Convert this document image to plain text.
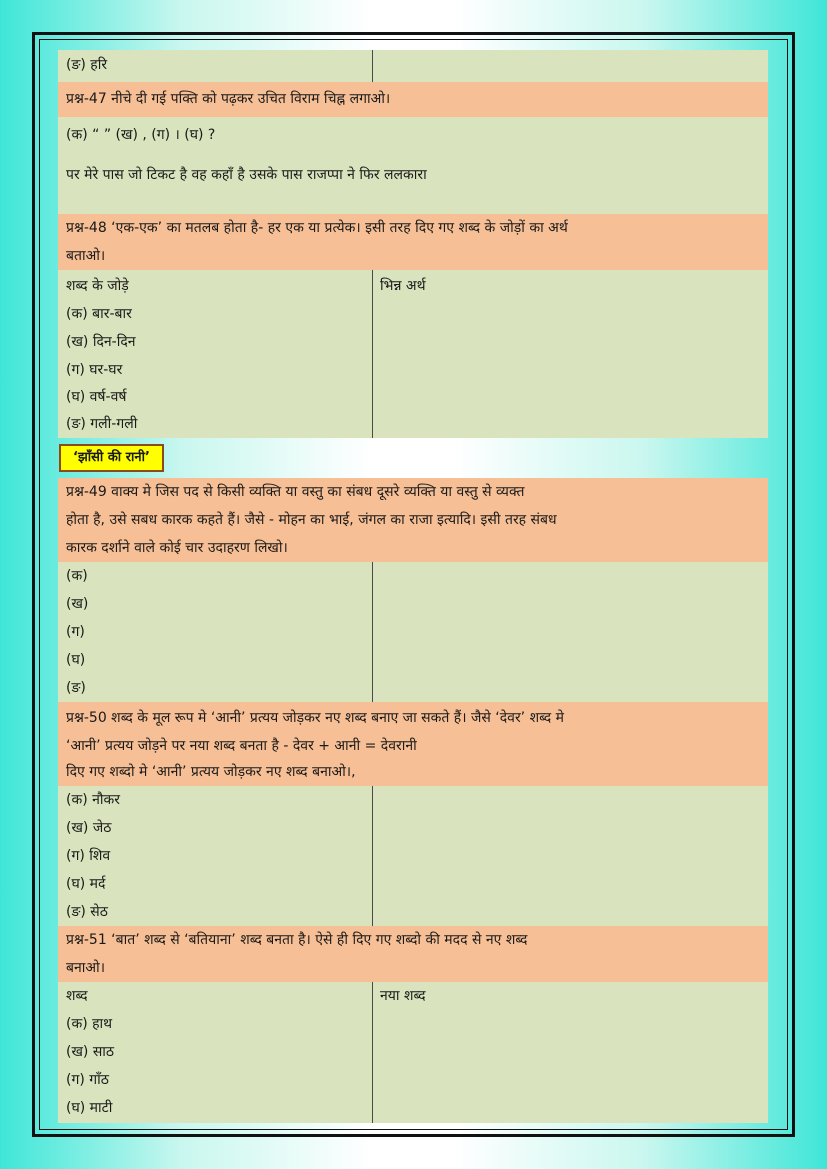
(ङ) हरि
प्रश्न-47 नीचे दी गई पक्ति को पढ़कर उचित विराम चिह्न लगाओ।
(क) “ ” (ख) , (ग) । (घ) ?
पर मेरे पास जो टिकट है वह कहाँ है उसके पास राजप्पा ने फिर ललकारा
प्रश्न-48 ‘एक-एक’ का मतलब होता है- हर एक या प्रत्येक। इसी तरह दिए गए शब्द के जोड़ों का अर्थ
बताओ।
शब्द के जोड़े	भिन्न अर्थ
(क) बार-बार
(ख) दिन-दिन
(ग) घर-घर
(घ) वर्ष-वर्ष
(ङ) गली-गली
‘झाँसी की रानी’
प्रश्न-49 वाक्य मे जिस पद से किसी व्यक्ति या वस्तु का संबध दूसरे व्यक्ति या वस्तु से व्यक्त
होता है, उसे सबध कारक कहते हैं। जैसे - मोहन का भाई, जंगल का राजा इत्यादि। इसी तरह संबध
कारक दर्शाने वाले कोई चार उदाहरण लिखो।
(क)
(ख)
(ग)
(घ)
(ङ)
प्रश्न-50 शब्द के मूल रूप मे ‘आनी’ प्रत्यय जोड़कर नए शब्द बनाए जा सकते हैं। जैसे ‘देवर’ शब्द मे
‘आनी’ प्रत्यय जोड़ने पर नया शब्द बनता है - देवर + आनी = देवरानी
दिए गए शब्दो मे ‘आनी’ प्रत्यय जोड़कर नए शब्द बनाओ।,
(क) नौकर
(ख) जेठ
(ग) शिव
(घ) मर्द
(ङ) सेठ
प्रश्न-51 ‘बात’ शब्द से ‘बतियाना’ शब्द बनता है। ऐसे ही दिए गए शब्दो की मदद से नए शब्द
बनाओ।
शब्द	नया शब्द
(क) हाथ
(ख) साठ
(ग) गाँठ
(घ) माटी
